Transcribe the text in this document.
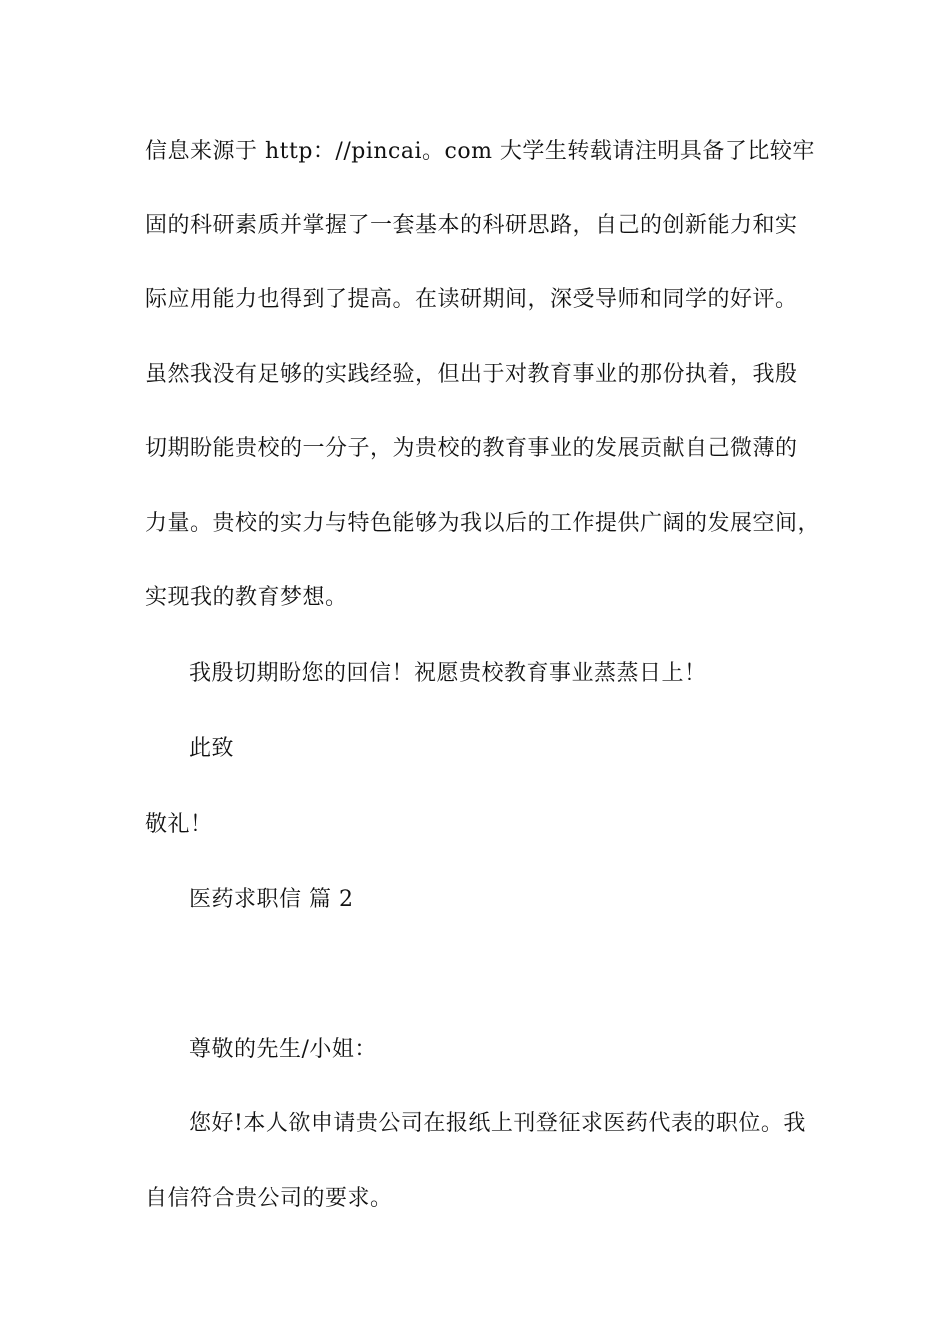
信息来源于 http：//pincai。com 大学生转载请注明具备了比较牢
固的科研素质并掌握了一套基本的科研思路，自己的创新能力和实
际应用能力也得到了提高。在读研期间，深受导师和同学的好评。
虽然我没有足够的实践经验，但出于对教育事业的那份执着，我殷
切期盼能贵校的一分子，为贵校的教育事业的发展贡献自己微薄的
力量。贵校的实力与特色能够为我以后的工作提供广阔的发展空间，
实现我的教育梦想。
我殷切期盼您的回信！祝愿贵校教育事业蒸蒸日上！
此致
敬礼！
医药求职信 篇 2
尊敬的先生/小姐：
您好!本人欲申请贵公司在报纸上刊登征求医药代表的职位。我
自信符合贵公司的要求。
